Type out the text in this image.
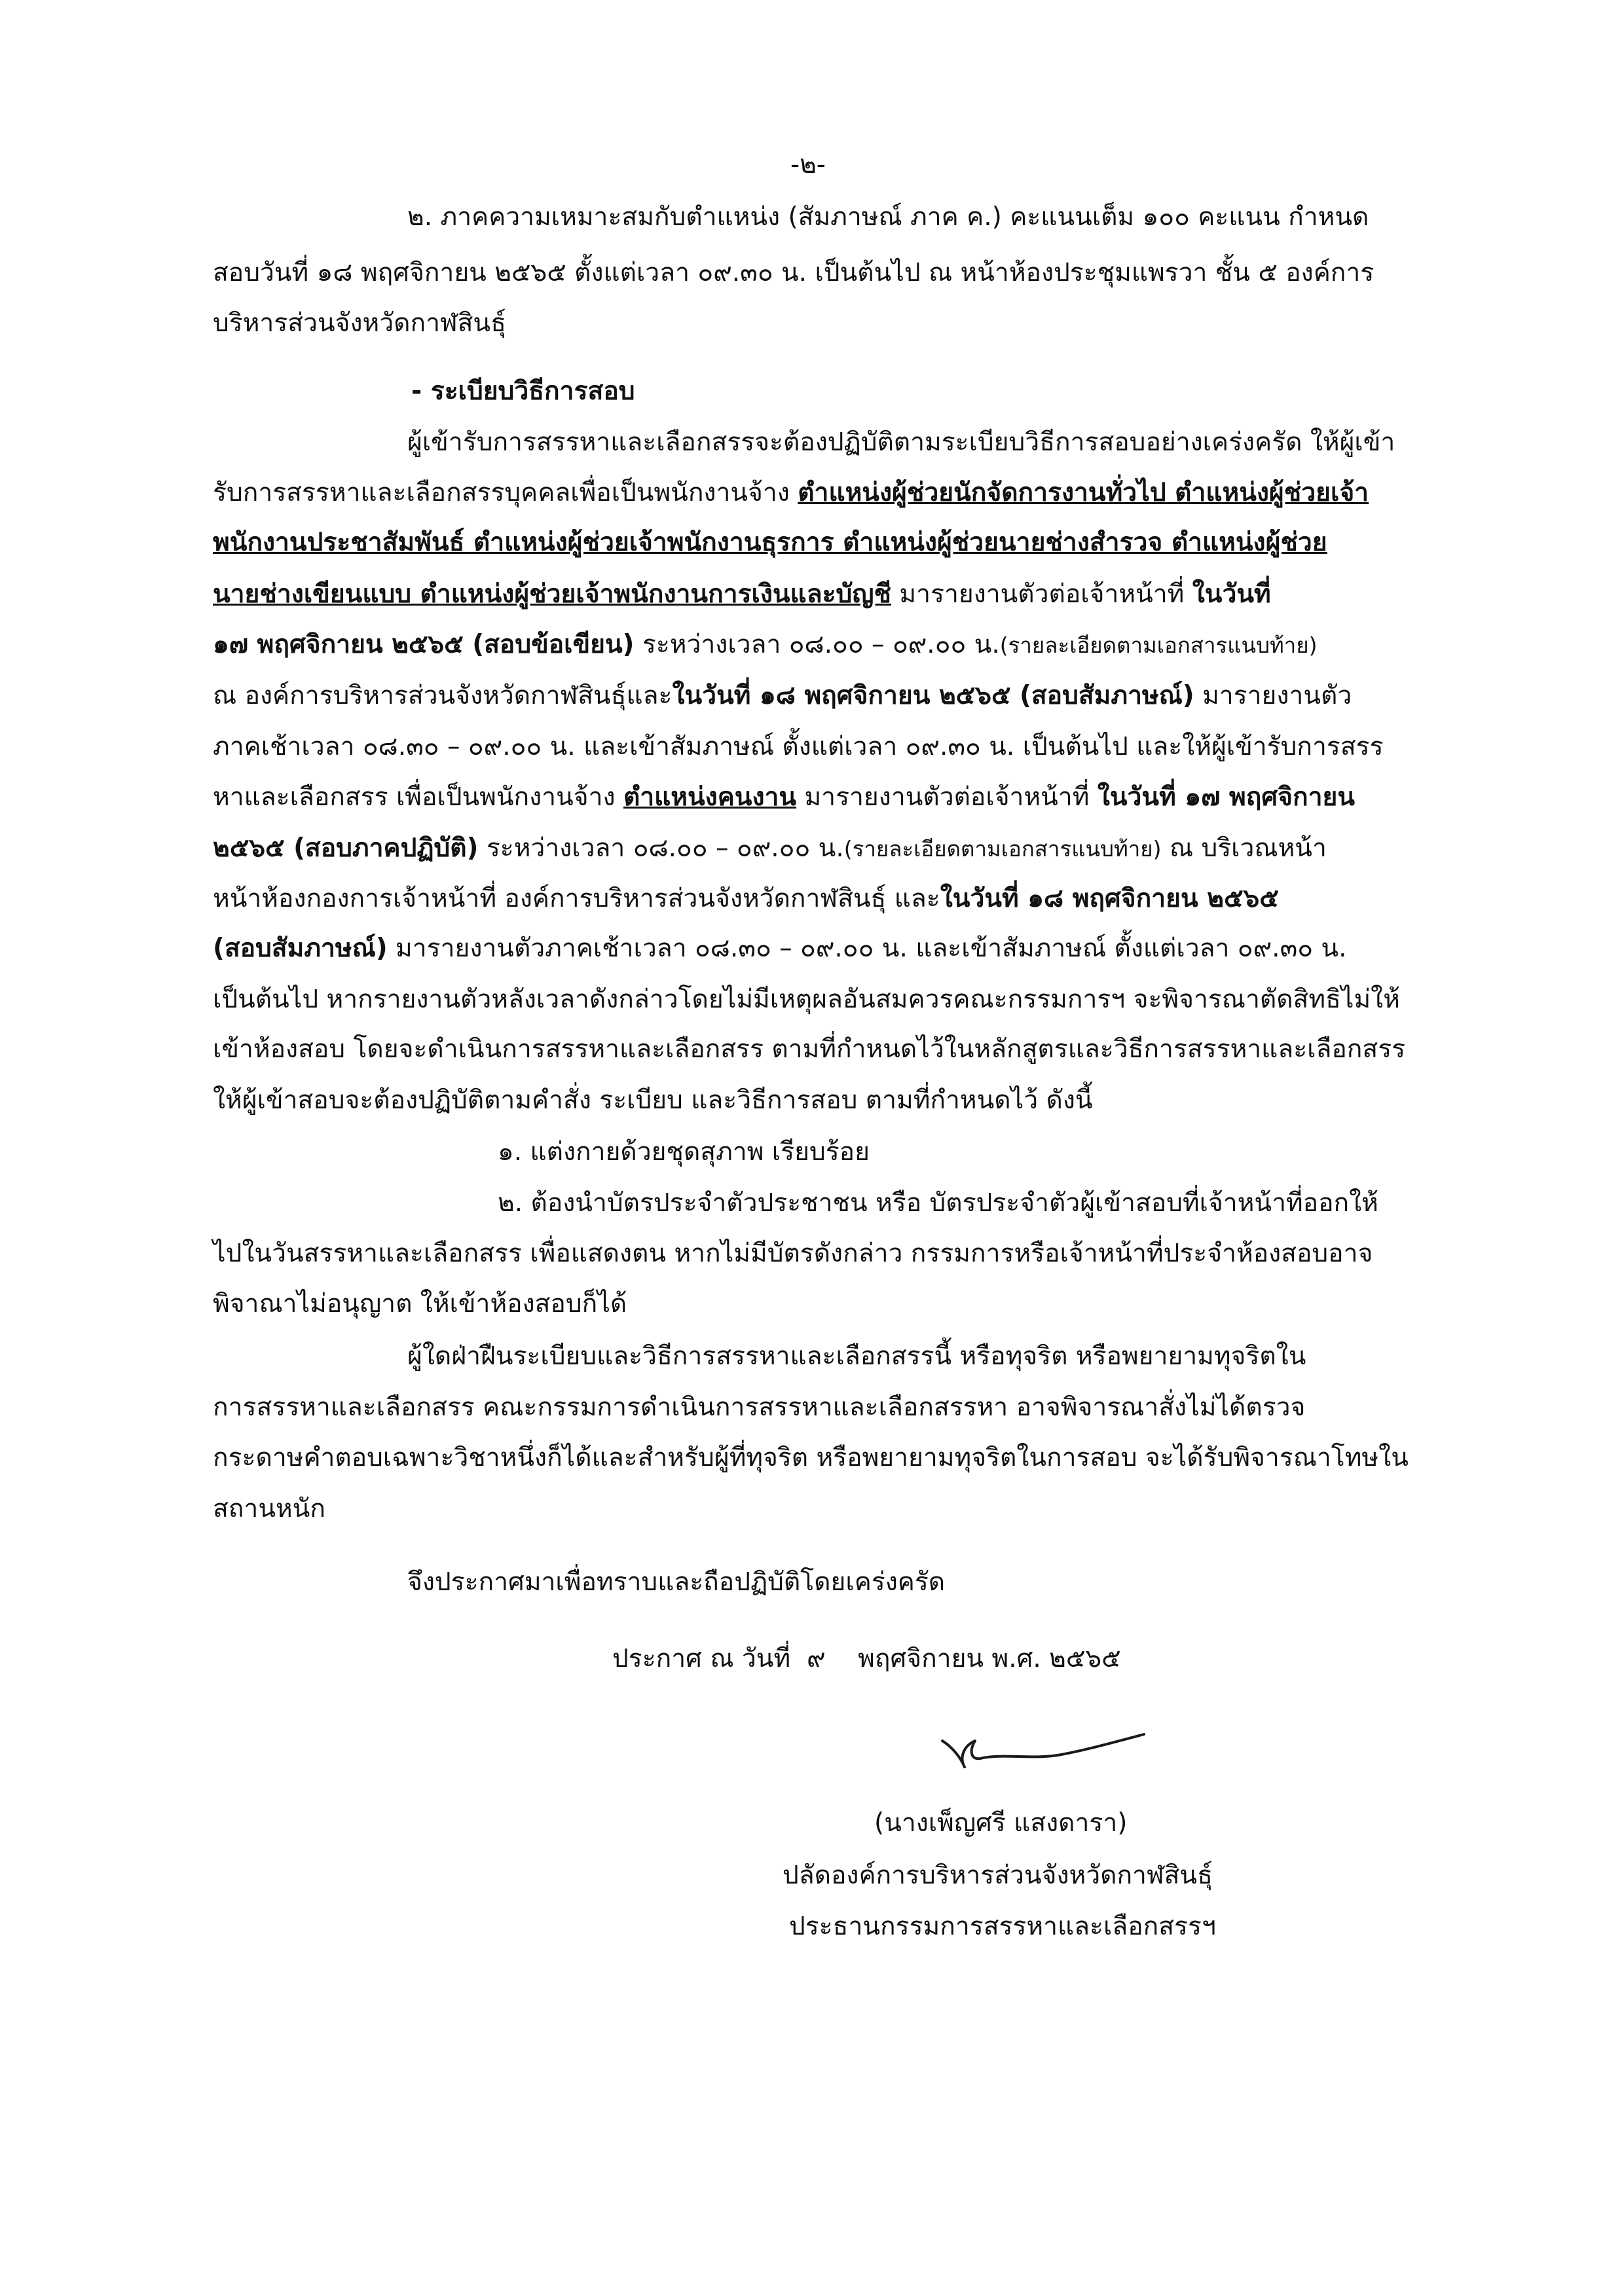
-๒-
๒. ภาคความเหมาะสมกับตำแหน่ง (สัมภาษณ์ ภาค ค.) คะแนนเต็ม ๑๐๐ คะแนน กำหนด
สอบวันที่ ๑๘ พฤศจิกายน ๒๕๖๕ ตั้งแต่เวลา ๐๙.๓๐ น. เป็นต้นไป ณ หน้าห้องประชุมแพรวา ชั้น ๕ องค์การ
บริหารส่วนจังหวัดกาฬสินธุ์
- ระเบียบวิธีการสอบ
ผู้เข้ารับการสรรหาและเลือกสรรจะต้องปฏิบัติตามระเบียบวิธีการสอบอย่างเคร่งครัด ให้ผู้เข้า
รับการสรรหาและเลือกสรรบุคคลเพื่อเป็นพนักงานจ้าง ตำแหน่งผู้ช่วยนักจัดการงานทั่วไป ตำแหน่งผู้ช่วยเจ้า
พนักงานประชาสัมพันธ์ ตำแหน่งผู้ช่วยเจ้าพนักงานธุรการ ตำแหน่งผู้ช่วยนายช่างสำรวจ ตำแหน่งผู้ช่วย
นายช่างเขียนแบบ ตำแหน่งผู้ช่วยเจ้าพนักงานการเงินและบัญชี มารายงานตัวต่อเจ้าหน้าที่ ในวันที่
๑๗ พฤศจิกายน ๒๕๖๕ (สอบข้อเขียน) ระหว่างเวลา ๐๘.๐๐ – ๐๙.๐๐ น.(รายละเอียดตามเอกสารแนบท้าย)
ณ องค์การบริหารส่วนจังหวัดกาฬสินธุ์และในวันที่ ๑๘ พฤศจิกายน ๒๕๖๕ (สอบสัมภาษณ์) มารายงานตัว
ภาคเช้าเวลา ๐๘.๓๐ – ๐๙.๐๐ น. และเข้าสัมภาษณ์ ตั้งแต่เวลา ๐๙.๓๐ น. เป็นต้นไป และให้ผู้เข้ารับการสรร
หาและเลือกสรร เพื่อเป็นพนักงานจ้าง ตำแหน่งคนงาน มารายงานตัวต่อเจ้าหน้าที่ ในวันที่ ๑๗ พฤศจิกายน
๒๕๖๕ (สอบภาคปฏิบัติ) ระหว่างเวลา ๐๘.๐๐ – ๐๙.๐๐ น.(รายละเอียดตามเอกสารแนบท้าย) ณ บริเวณหน้า
หน้าห้องกองการเจ้าหน้าที่ องค์การบริหารส่วนจังหวัดกาฬสินธุ์ และในวันที่ ๑๘ พฤศจิกายน ๒๕๖๕
(สอบสัมภาษณ์) มารายงานตัวภาคเช้าเวลา ๐๘.๓๐ – ๐๙.๐๐ น. และเข้าสัมภาษณ์ ตั้งแต่เวลา ๐๙.๓๐ น.
เป็นต้นไป หากรายงานตัวหลังเวลาดังกล่าวโดยไม่มีเหตุผลอันสมควรคณะกรรมการฯ จะพิจารณาตัดสิทธิไม่ให้
เข้าห้องสอบ โดยจะดำเนินการสรรหาและเลือกสรร ตามที่กำหนดไว้ในหลักสูตรและวิธีการสรรหาและเลือกสรร
ให้ผู้เข้าสอบจะต้องปฏิบัติตามคำสั่ง ระเบียบ และวิธีการสอบ ตามที่กำหนดไว้ ดังนี้
๑. แต่งกายด้วยชุดสุภาพ เรียบร้อย
๒. ต้องนำบัตรประจำตัวประชาชน หรือ บัตรประจำตัวผู้เข้าสอบที่เจ้าหน้าที่ออกให้
ไปในวันสรรหาและเลือกสรร เพื่อแสดงตน หากไม่มีบัตรดังกล่าว กรรมการหรือเจ้าหน้าที่ประจำห้องสอบอาจ
พิจาณาไม่อนุญาต ให้เข้าห้องสอบก็ได้
ผู้ใดฝ่าฝืนระเบียบและวิธีการสรรหาและเลือกสรรนี้ หรือทุจริต หรือพยายามทุจริตใน
การสรรหาและเลือกสรร คณะกรรมการดำเนินการสรรหาและเลือกสรรหา อาจพิจารณาสั่งไม่ได้ตรวจ
กระดาษคำตอบเฉพาะวิชาหนึ่งก็ได้และสำหรับผู้ที่ทุจริต หรือพยายามทุจริตในการสอบ จะได้รับพิจารณาโทษใน
สถานหนัก
จึงประกาศมาเพื่อทราบและถือปฏิบัติโดยเคร่งครัด
ประกาศ ณ วันที่ ๙ พฤศจิกายน พ.ศ. ๒๕๖๕
(นางเพ็ญศรี แสงดารา)
ปลัดองค์การบริหารส่วนจังหวัดกาฬสินธุ์
ประธานกรรมการสรรหาและเลือกสรรฯ
